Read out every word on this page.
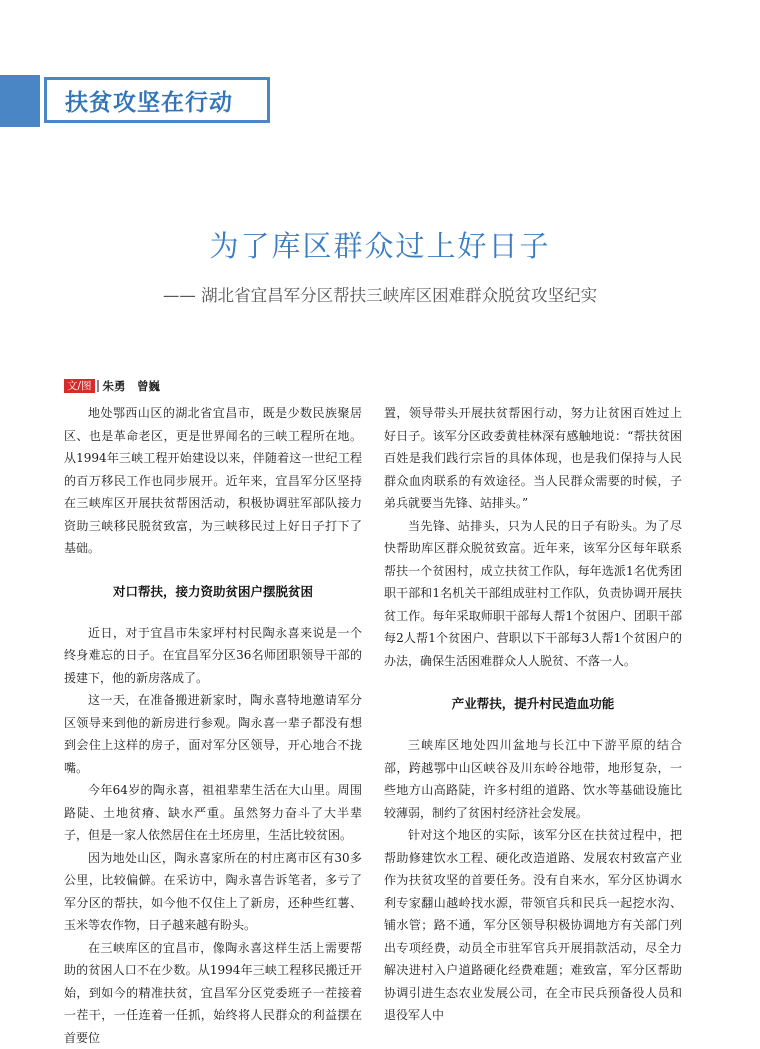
扶贫攻坚在行动
为了库区群众过上好日子
—— 湖北省宜昌军分区帮扶三峡库区困难群众脱贫攻坚纪实
文/图 朱勇　曾巍

地处鄂西山区的湖北省宜昌市，既是少数民族聚居区、也是革命老区，更是世界闻名的三峡工程所在地。从1994年三峡工程开始建设以来，伴随着这一世纪工程的百万移民工作也同步展开。近年来，宜昌军分区坚持在三峡库区开展扶贫帮困活动，积极协调驻军部队接力资助三峡移民脱贫致富，为三峡移民过上好日子打下了基础。

对口帮扶，接力资助贫困户摆脱贫困

近日，对于宜昌市朱家坪村村民陶永喜来说是一个终身难忘的日子。在宜昌军分区36名师团职领导干部的援建下，他的新房落成了。

这一天，在准备搬进新家时，陶永喜特地邀请军分区领导来到他的新房进行参观。陶永喜一辈子都没有想到会住上这样的房子，面对军分区领导，开心地合不拢嘴。

今年64岁的陶永喜，祖祖辈辈生活在大山里。周围路陡、土地贫瘠、缺水严重。虽然努力奋斗了大半辈子，但是一家人依然居住在土坯房里，生活比较贫困。

因为地处山区，陶永喜家所在的村庄离市区有30多公里，比较偏僻。在采访中，陶永喜告诉笔者，多亏了军分区的帮扶，如今他不仅住上了新房，还种些红薯、玉米等农作物，日子越来越有盼头。

在三峡库区的宜昌市，像陶永喜这样生活上需要帮助的贫困人口不在少数。从1994年三峡工程移民搬迁开始，到如今的精准扶贫，宜昌军分区党委班子一茬接着一茬干，一任连着一任抓，始终将人民群众的利益摆在首要位

置，领导带头开展扶贫帮困行动，努力让贫困百姓过上好日子。该军分区政委黄桂林深有感触地说：“帮扶贫困百姓是我们践行宗旨的具体体现，也是我们保持与人民群众血肉联系的有效途径。当人民群众需要的时候，子弟兵就要当先锋、站排头。”

当先锋、站排头，只为人民的日子有盼头。为了尽快帮助库区群众脱贫致富。近年来，该军分区每年联系帮扶一个贫困村，成立扶贫工作队，每年选派1名优秀团职干部和1名机关干部组成驻村工作队，负责协调开展扶贫工作。每年采取师职干部每人帮1个贫困户、团职干部每2人帮1个贫困户、营职以下干部每3人帮1个贫困户的办法，确保生活困难群众人人脱贫、不落一人。

产业帮扶，提升村民造血功能

三峡库区地处四川盆地与长江中下游平原的结合部，跨越鄂中山区峡谷及川东岭谷地带，地形复杂，一些地方山高路陡，许多村组的道路、饮水等基础设施比较薄弱，制约了贫困村经济社会发展。

针对这个地区的实际，该军分区在扶贫过程中，把帮助修建饮水工程、硬化改造道路、发展农村致富产业作为扶贫攻坚的首要任务。没有自来水，军分区协调水利专家翻山越岭找水源，带领官兵和民兵一起挖水沟、铺水管；路不通，军分区领导积极协调地方有关部门列出专项经费，动员全市驻军官兵开展捐款活动，尽全力解决进村入户道路硬化经费难题；难致富，军分区帮助协调引进生态农业发展公司，在全市民兵预备役人员和退役军人中
